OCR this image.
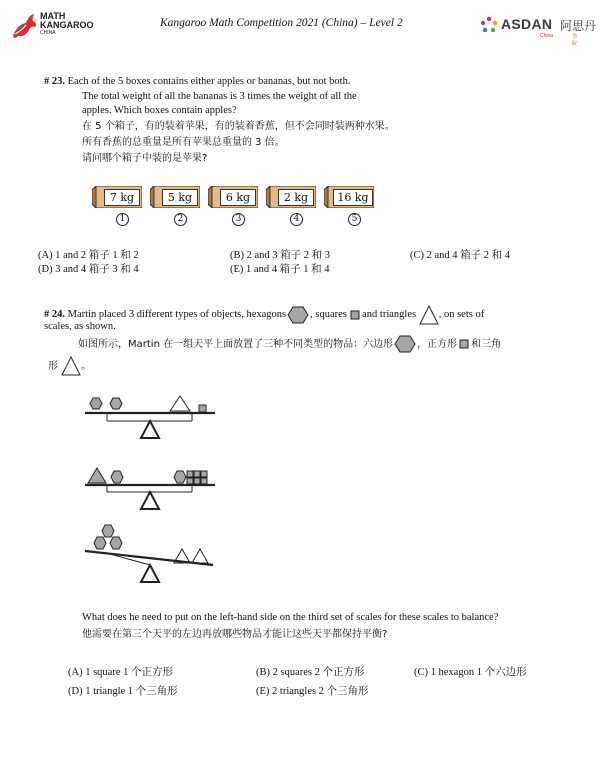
MATH
KANGAROO
CHINA
Kangaroo Math Competition 2021 (China) – Level 2	ASDAN 阿思丹
China	学院
# 23. Each of the 5 boxes contains either apples or bananas, but not both.
The total weight of all the bananas is 3 times the weight of all the
apples. Which boxes contain apples?
在 5 个箱子，有的装着苹果，有的装着香蕉，但不会同时装两种水果。
所有香蕉的总重量是所有苹果总重量的 3 倍。
请问哪个箱子中装的是苹果?
7 kg
1
5 kg
2
6 kg
3
2 kg
4
16 kg
5
(A) 1 and 2 箱子 1 和 2	(B) 2 and 3 箱子 2 和 3	(C) 2 and 4 箱子 2 和 4
(D) 3 and 4 箱子 3 和 4	(E) 1 and 4 箱子 1 和 4
# 24.
Martin placed 3 different types of objects, hexagons , squares

and triangles
, on sets of
scales, as shown.
如图所示，Martin 在一组天平上面放置了三种不同类型的物品：六边形 ，正方形 和三角
形
。
What does he need to put on the left-hand side on the third set of scales for these scales to balance?
他需要在第三个天平的左边再放哪些物品才能让这些天平都保持平衡?
(A) 1 square 1 个正方形	(B) 2 squares 2 个正方形	(C) 1 hexagon 1 个六边形
(D) 1 triangle 1 个三角形	(E) 2 triangles 2 个三角形
